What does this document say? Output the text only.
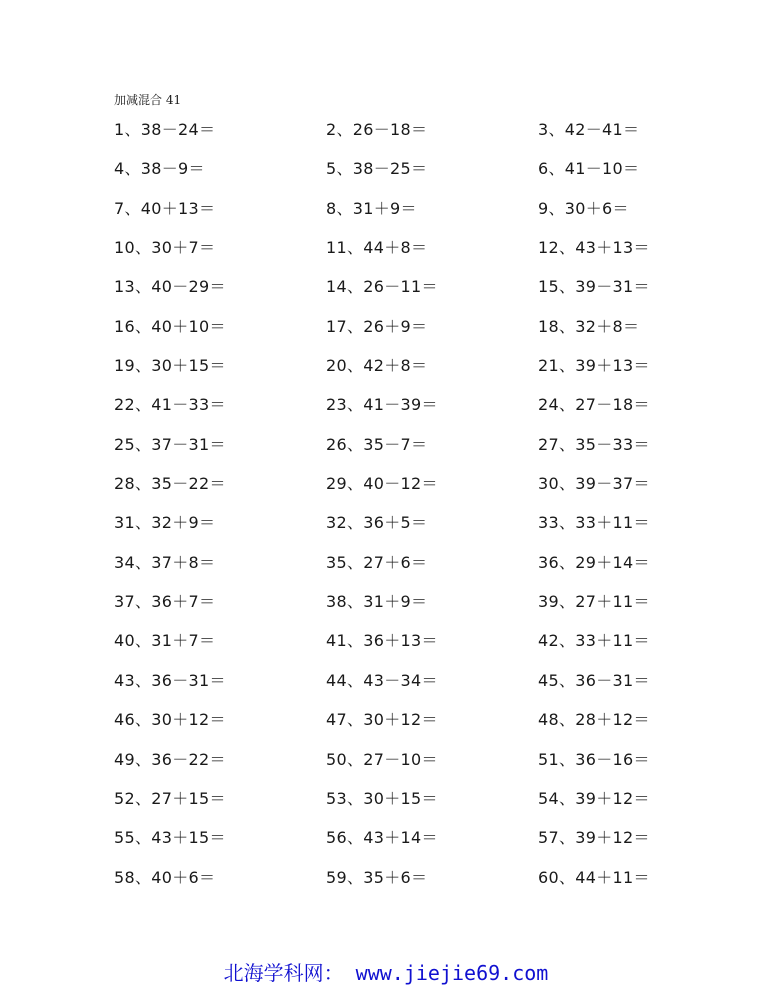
加减混合 41
1、38－24＝	2、26－18＝	3、42－41＝
4、38－9＝	5、38－25＝	6、41－10＝
7、40＋13＝	8、31＋9＝	9、30＋6＝
10、30＋7＝	11、44＋8＝	12、43＋13＝
13、40－29＝	14、26－11＝	15、39－31＝
16、40＋10＝	17、26＋9＝	18、32＋8＝
19、30＋15＝	20、42＋8＝	21、39＋13＝
22、41－33＝	23、41－39＝	24、27－18＝
25、37－31＝	26、35－7＝	27、35－33＝
28、35－22＝	29、40－12＝	30、39－37＝
31、32＋9＝	32、36＋5＝	33、33＋11＝
34、37＋8＝	35、27＋6＝	36、29＋14＝
37、36＋7＝	38、31＋9＝	39、27＋11＝
40、31＋7＝	41、36＋13＝	42、33＋11＝
43、36－31＝	44、43－34＝	45、36－31＝
46、30＋12＝	47、30＋12＝	48、28＋12＝
49、36－22＝	50、27－10＝	51、36－16＝
52、27＋15＝	53、30＋15＝	54、39＋12＝
55、43＋15＝	56、43＋14＝	57、39＋12＝
58、40＋6＝	59、35＋6＝	60、44＋11＝
北海学科网： www.jiejie69.com
